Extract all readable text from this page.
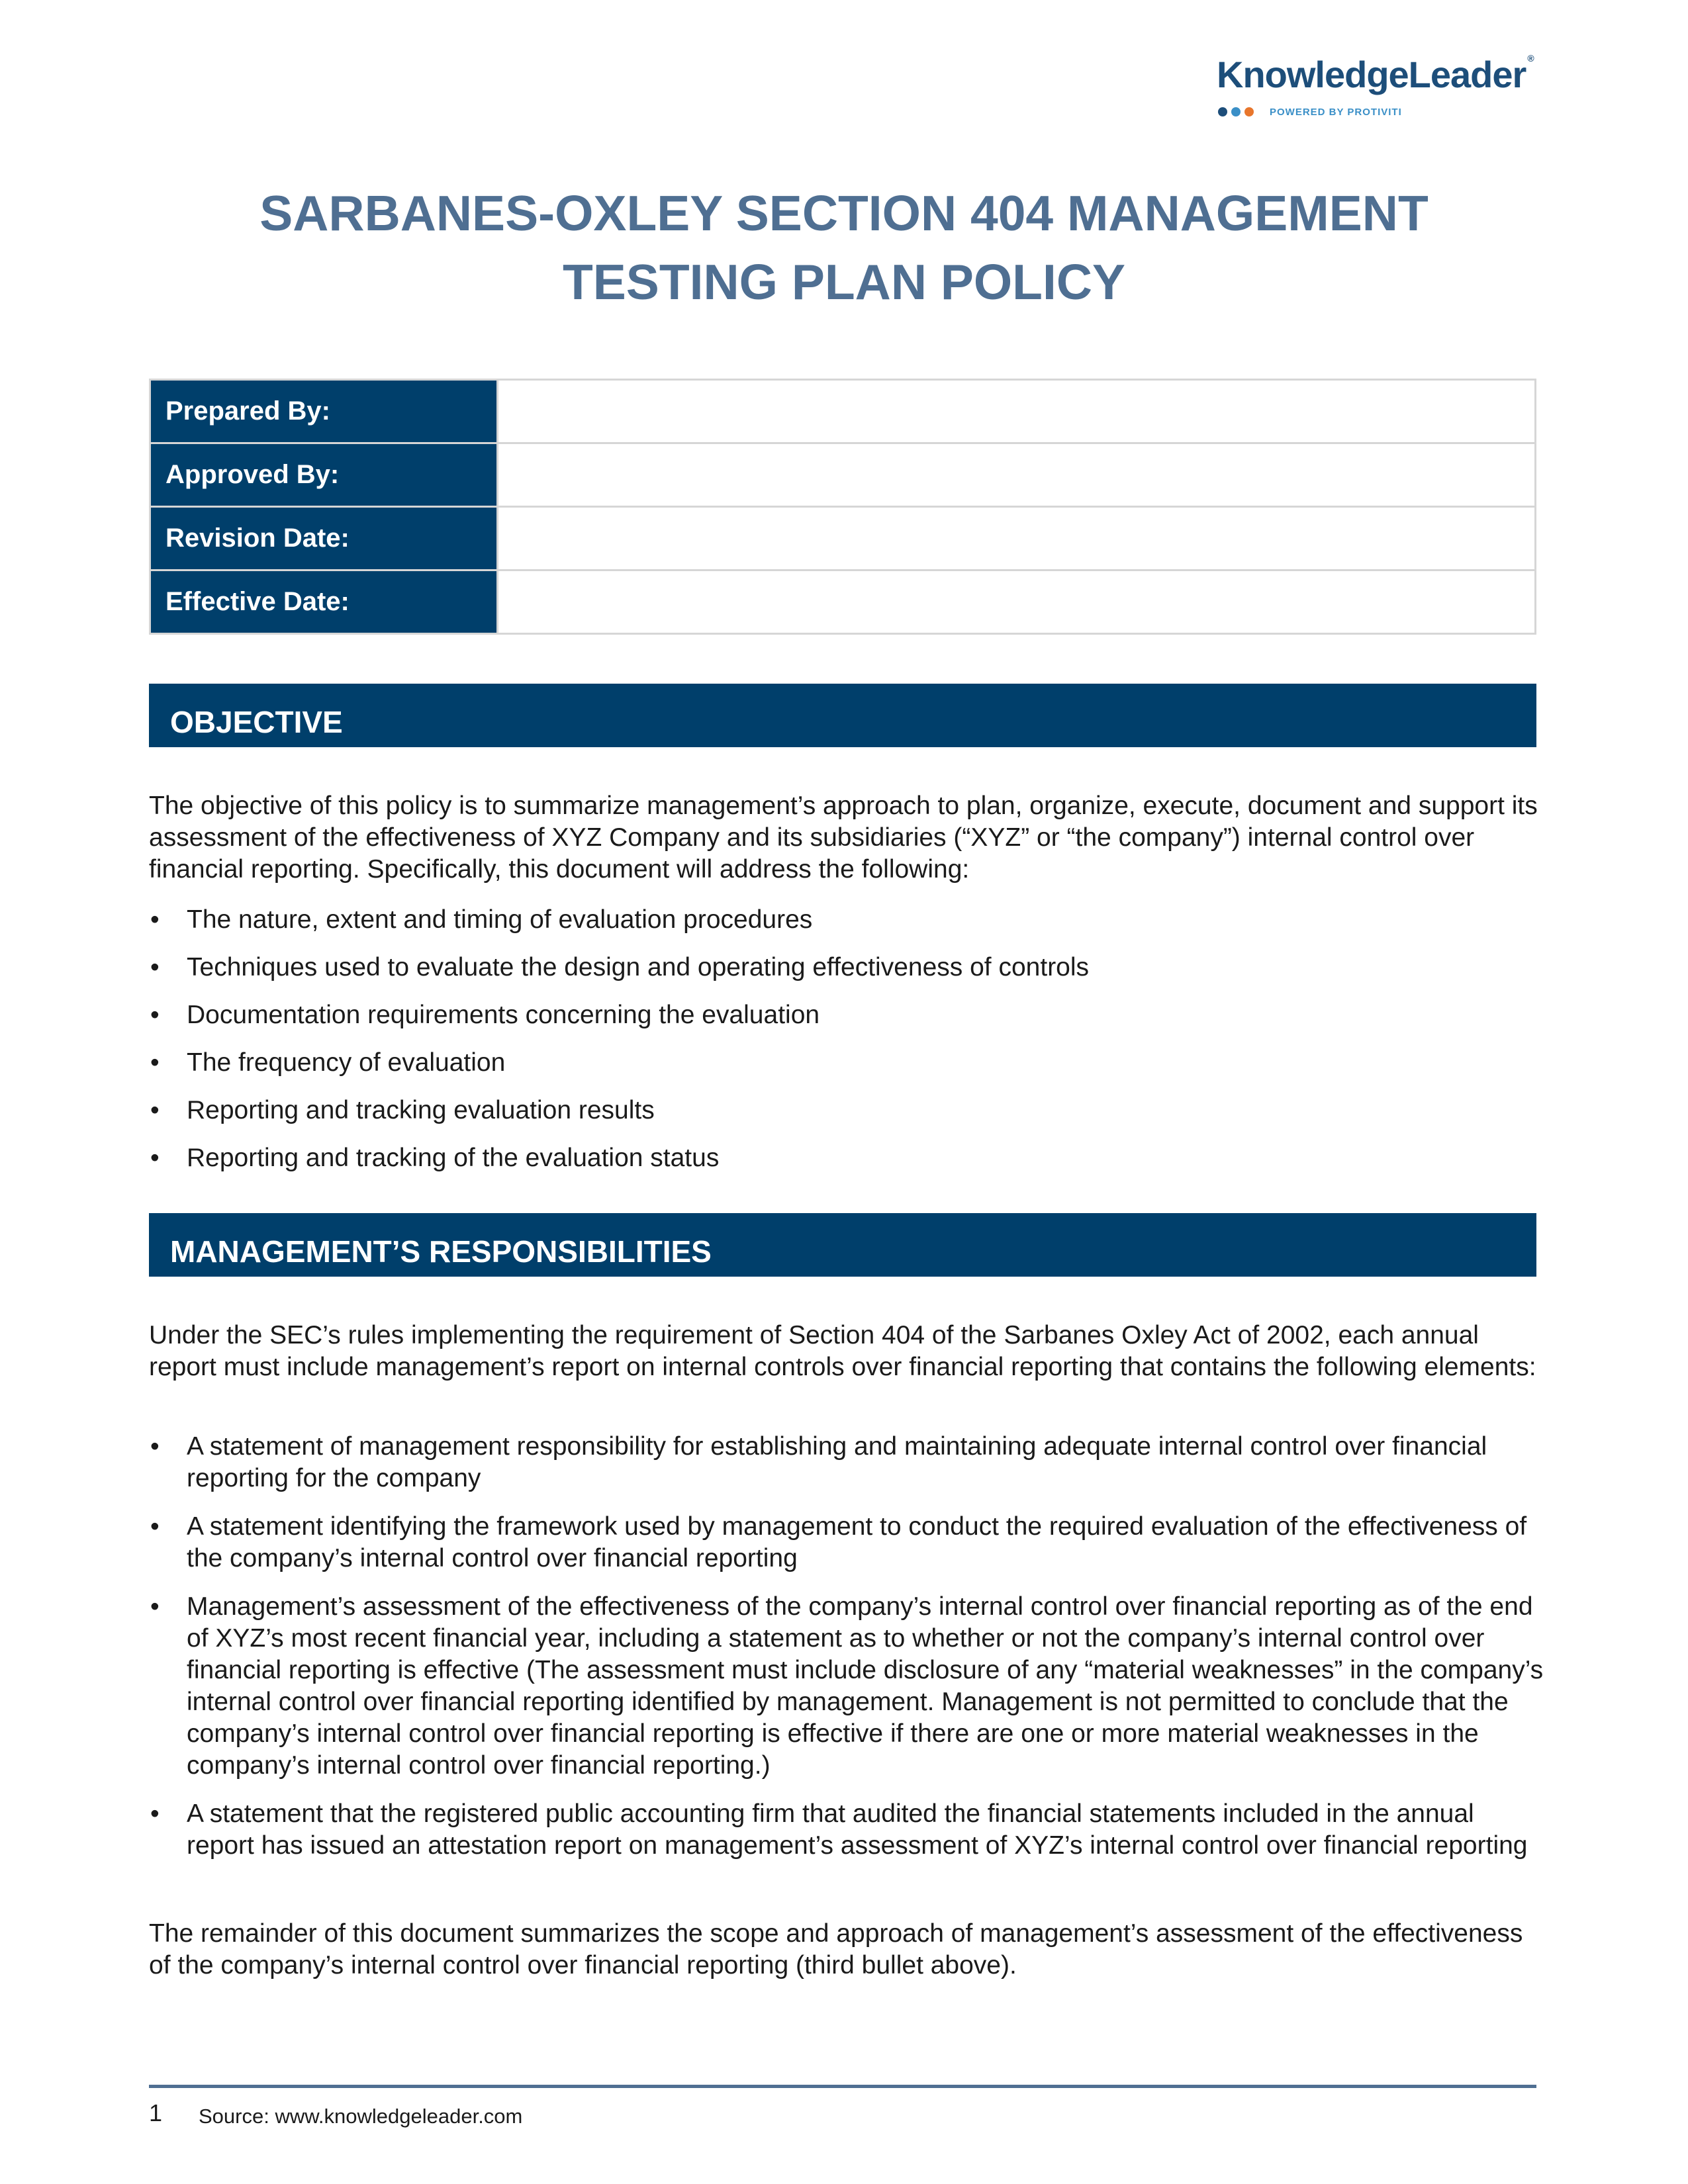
KnowledgeLeader ®
POWERED BY PROTIVITI
SARBANES-OXLEY SECTION 404 MANAGEMENT
TESTING PLAN POLICY
Prepared By:	
Approved By:	
Revision Date:	
Effective Date:	
OBJECTIVE

The objective of this policy is to summarize management’s approach to plan, organize, execute, document and support its assessment of the effectiveness of XYZ Company and its subsidiaries (“XYZ” or “the company”) internal control over financial reporting. Specifically, this document will address the following:

• The nature, extent and timing of evaluation procedures
• Techniques used to evaluate the design and operating effectiveness of controls
• Documentation requirements concerning the evaluation
• The frequency of evaluation
• Reporting and tracking evaluation results
• Reporting and tracking of the evaluation status
MANAGEMENT’S RESPONSIBILITIES

Under the SEC’s rules implementing the requirement of Section 404 of the Sarbanes Oxley Act of 2002, each annual report must include management’s report on internal controls over financial reporting that contains the following elements:

• A statement of management responsibility for establishing and maintaining adequate internal control over financial reporting for the company
• A statement identifying the framework used by management to conduct the required evaluation of the effectiveness of the company’s internal control over financial reporting
• Management’s assessment of the effectiveness of the company’s internal control over financial reporting as of the end of XYZ’s most recent financial year, including a statement as to whether or not the company’s internal control over financial reporting is effective (The assessment must include disclosure of any “material weaknesses” in the company’s internal control over financial reporting identified by management. Management is not permitted to conclude that the company’s internal control over financial reporting is effective if there are one or more material weaknesses in the company’s internal control over financial reporting.)
• A statement that the registered public accounting firm that audited the financial statements included in the annual report has issued an attestation report on management’s assessment of XYZ’s internal control over financial reporting

The remainder of this document summarizes the scope and approach of management’s assessment of the effectiveness of the company’s internal control over financial reporting (third bullet above).

1 Source: www.knowledgeleader.com
